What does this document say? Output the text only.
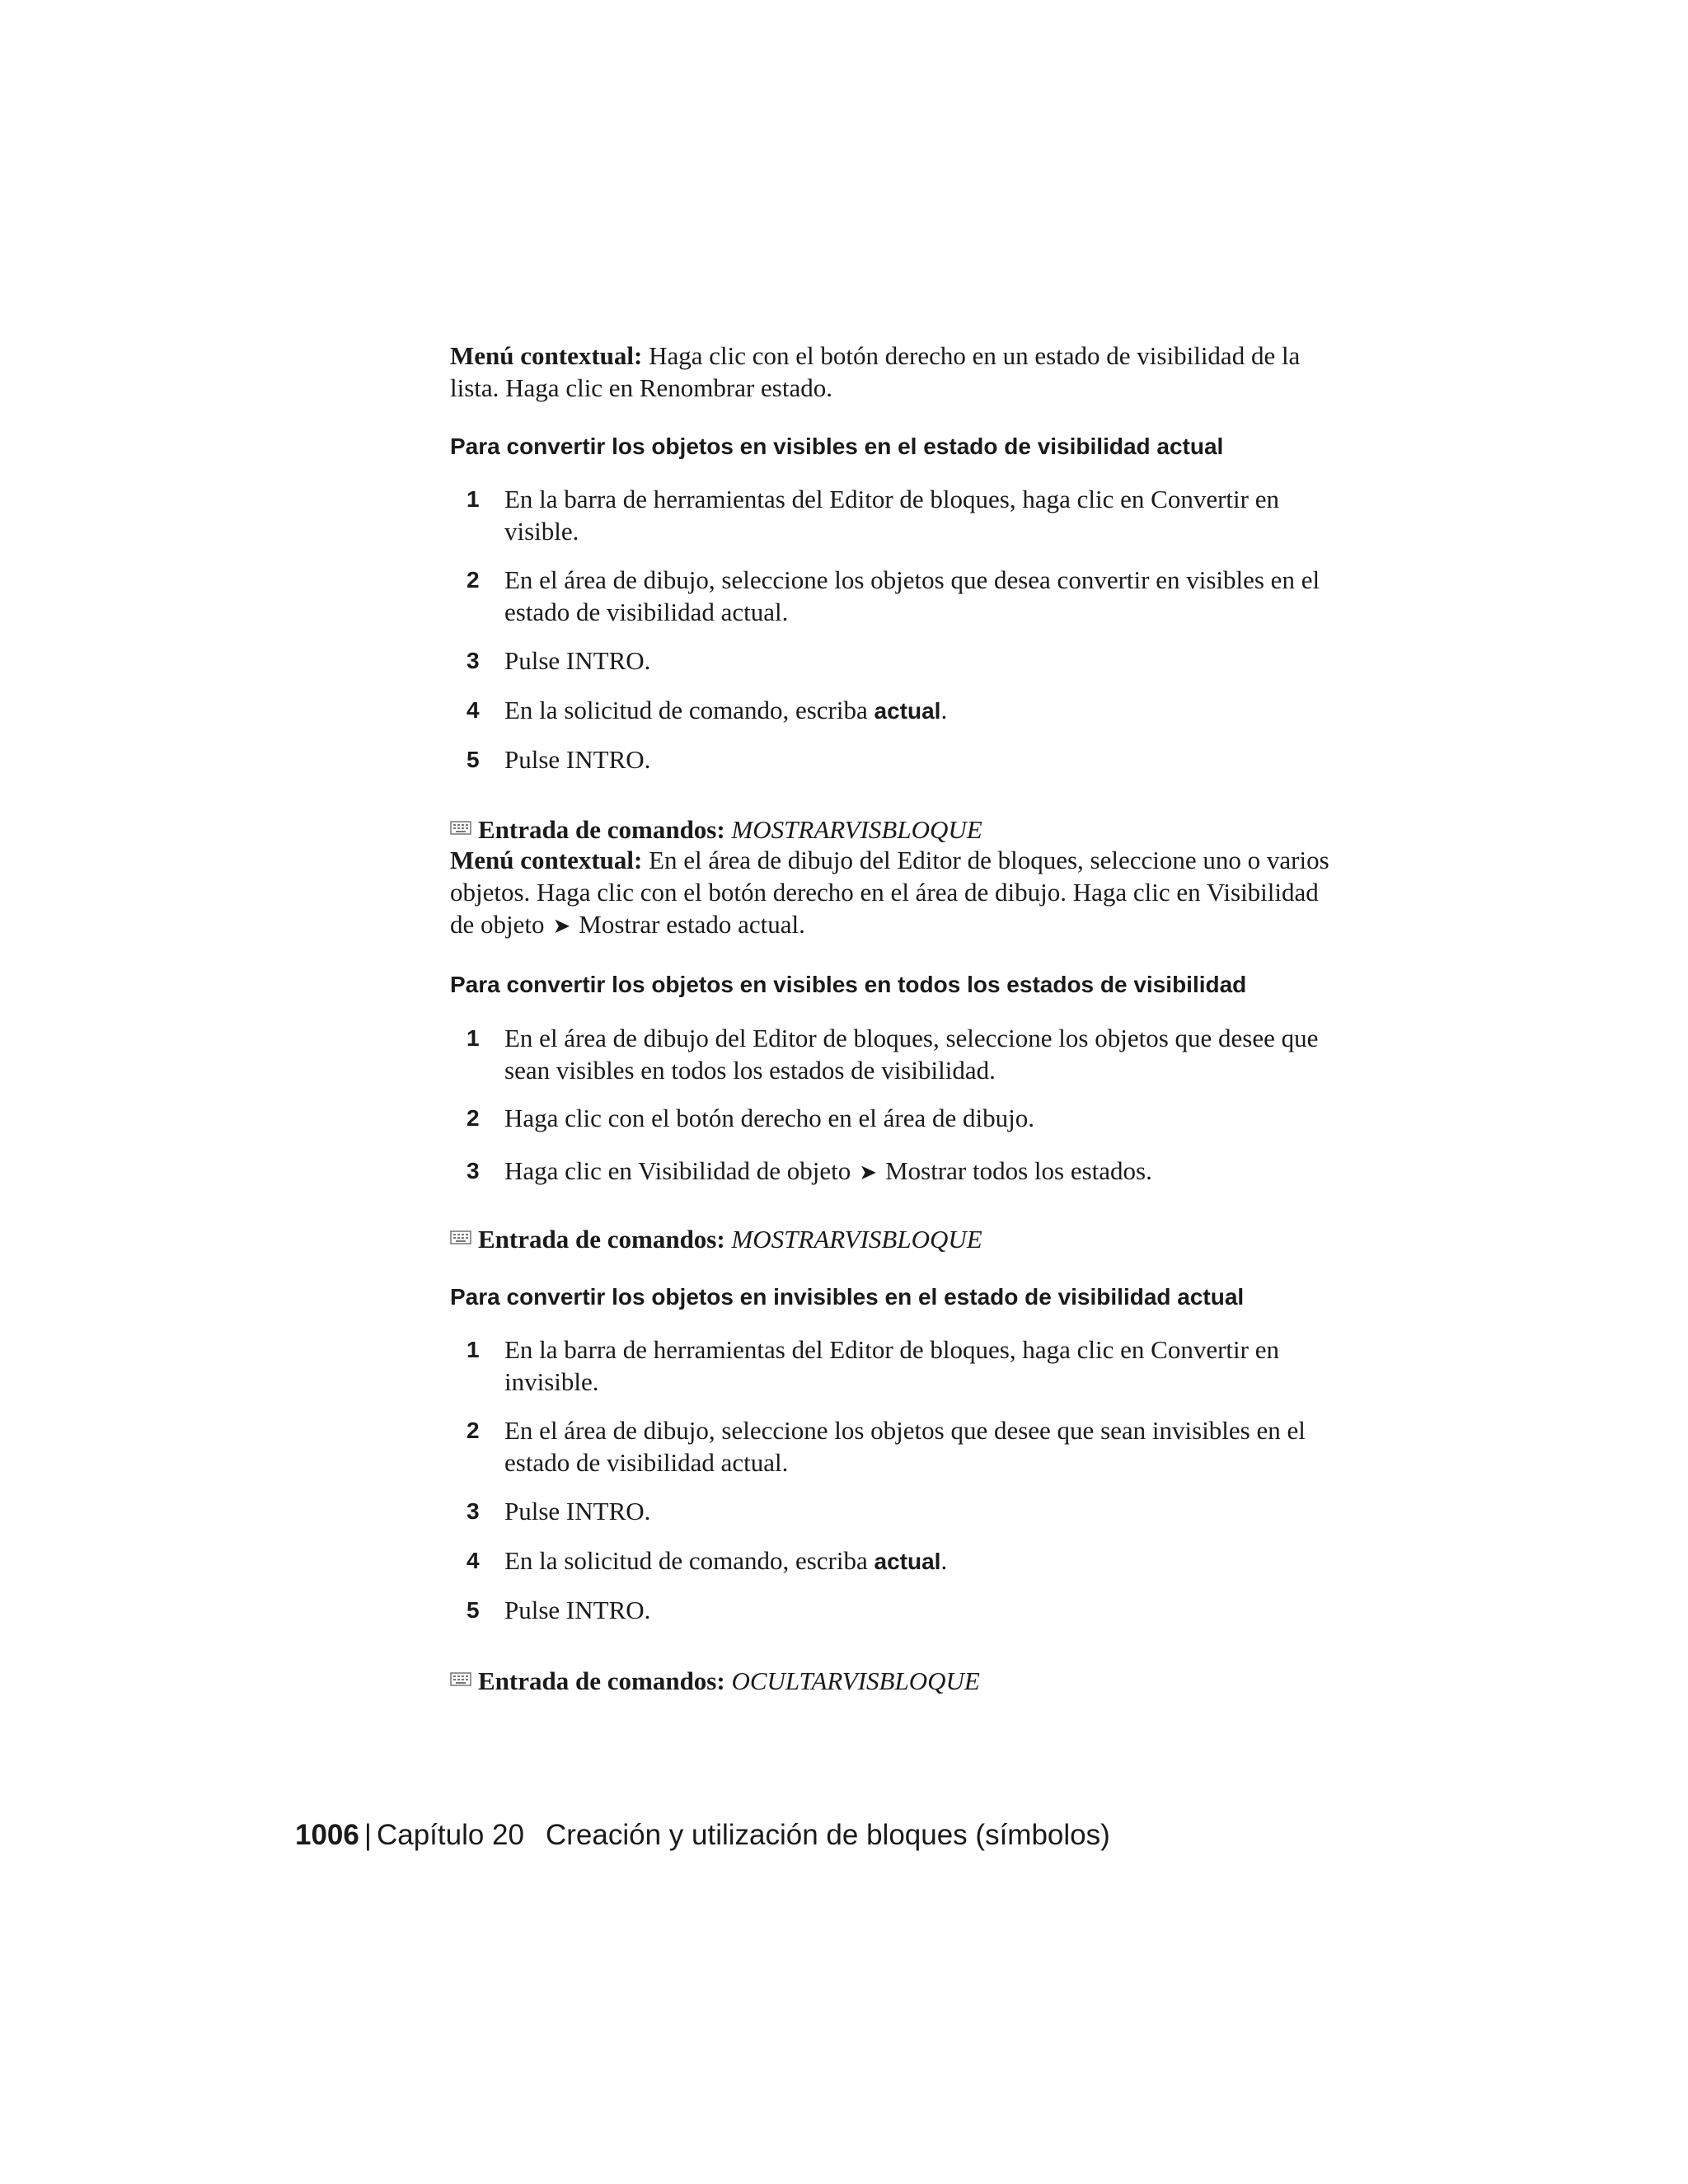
Menú contextual: Haga clic con el botón derecho en un estado de visibilidad de la lista. Haga clic en Renombrar estado.
Para convertir los objetos en visibles en el estado de visibilidad actual
1 En la barra de herramientas del Editor de bloques, haga clic en Convertir en visible.
2 En el área de dibujo, seleccione los objetos que desea convertir en visibles en el estado de visibilidad actual.
3 Pulse INTRO.
4 En la solicitud de comando, escriba actual.
5 Pulse INTRO.
Entrada de comandos: MOSTRARVISBLOQUE
Menú contextual: En el área de dibujo del Editor de bloques, seleccione uno o varios objetos. Haga clic con el botón derecho en el área de dibujo. Haga clic en Visibilidad de objeto ➤ Mostrar estado actual.
Para convertir los objetos en visibles en todos los estados de visibilidad
1 En el área de dibujo del Editor de bloques, seleccione los objetos que desee que sean visibles en todos los estados de visibilidad.
2 Haga clic con el botón derecho en el área de dibujo.
3 Haga clic en Visibilidad de objeto ➤ Mostrar todos los estados.
Entrada de comandos: MOSTRARVISBLOQUE
Para convertir los objetos en invisibles en el estado de visibilidad actual
1 En la barra de herramientas del Editor de bloques, haga clic en Convertir en invisible.
2 En el área de dibujo, seleccione los objetos que desee que sean invisibles en el estado de visibilidad actual.
3 Pulse INTRO.
4 En la solicitud de comando, escriba actual.
5 Pulse INTRO.
Entrada de comandos: OCULTARVISBLOQUE
1006 | Capítulo 20 Creación y utilización de bloques (símbolos)
